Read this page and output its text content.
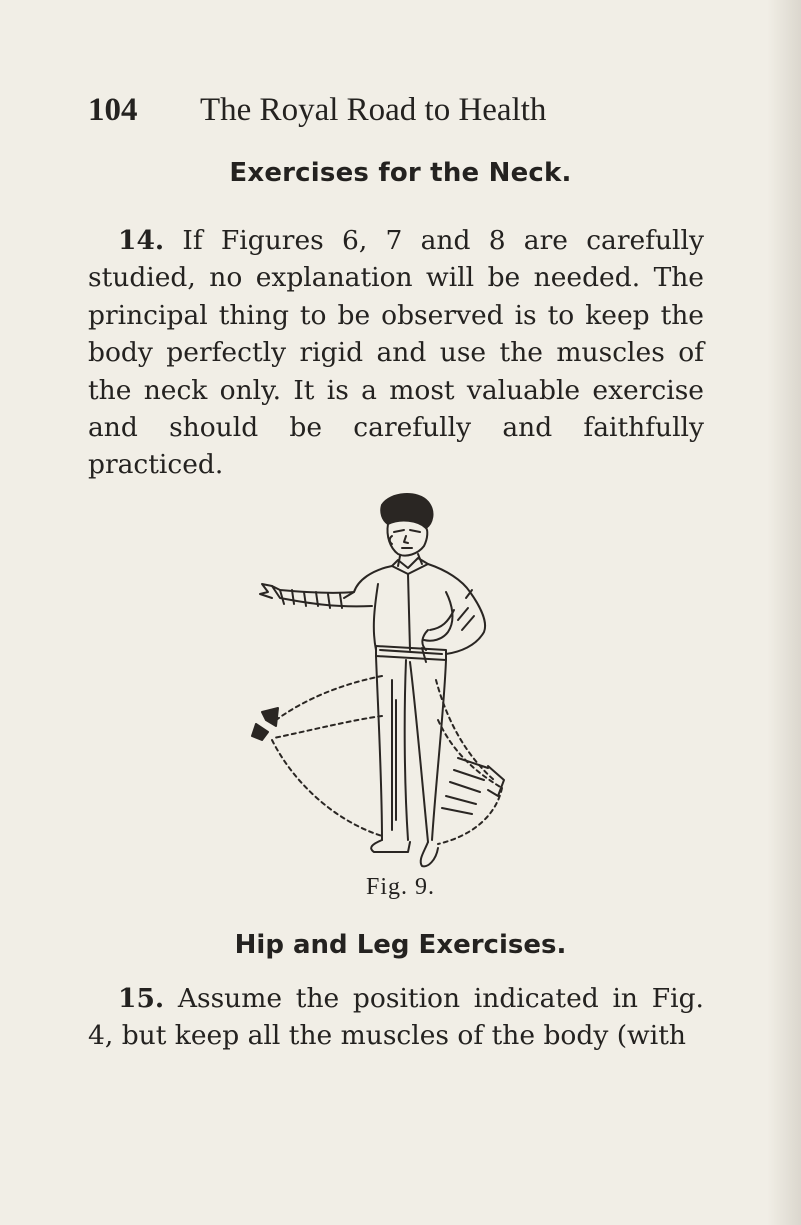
104 The Royal Road to Health
Exercises for the Neck.
14. If Figures 6, 7 and 8 are carefully studied, no explanation will be needed. The principal thing to be observed is to keep the body perfectly rigid and use the muscles of the neck only. It is a most valuable exercise and should be carefully and faithfully practiced.
Fig. 9.
Hip and Leg Exercises.
15. Assume the position indicated in Fig. 4, but keep all the muscles of the body (with
